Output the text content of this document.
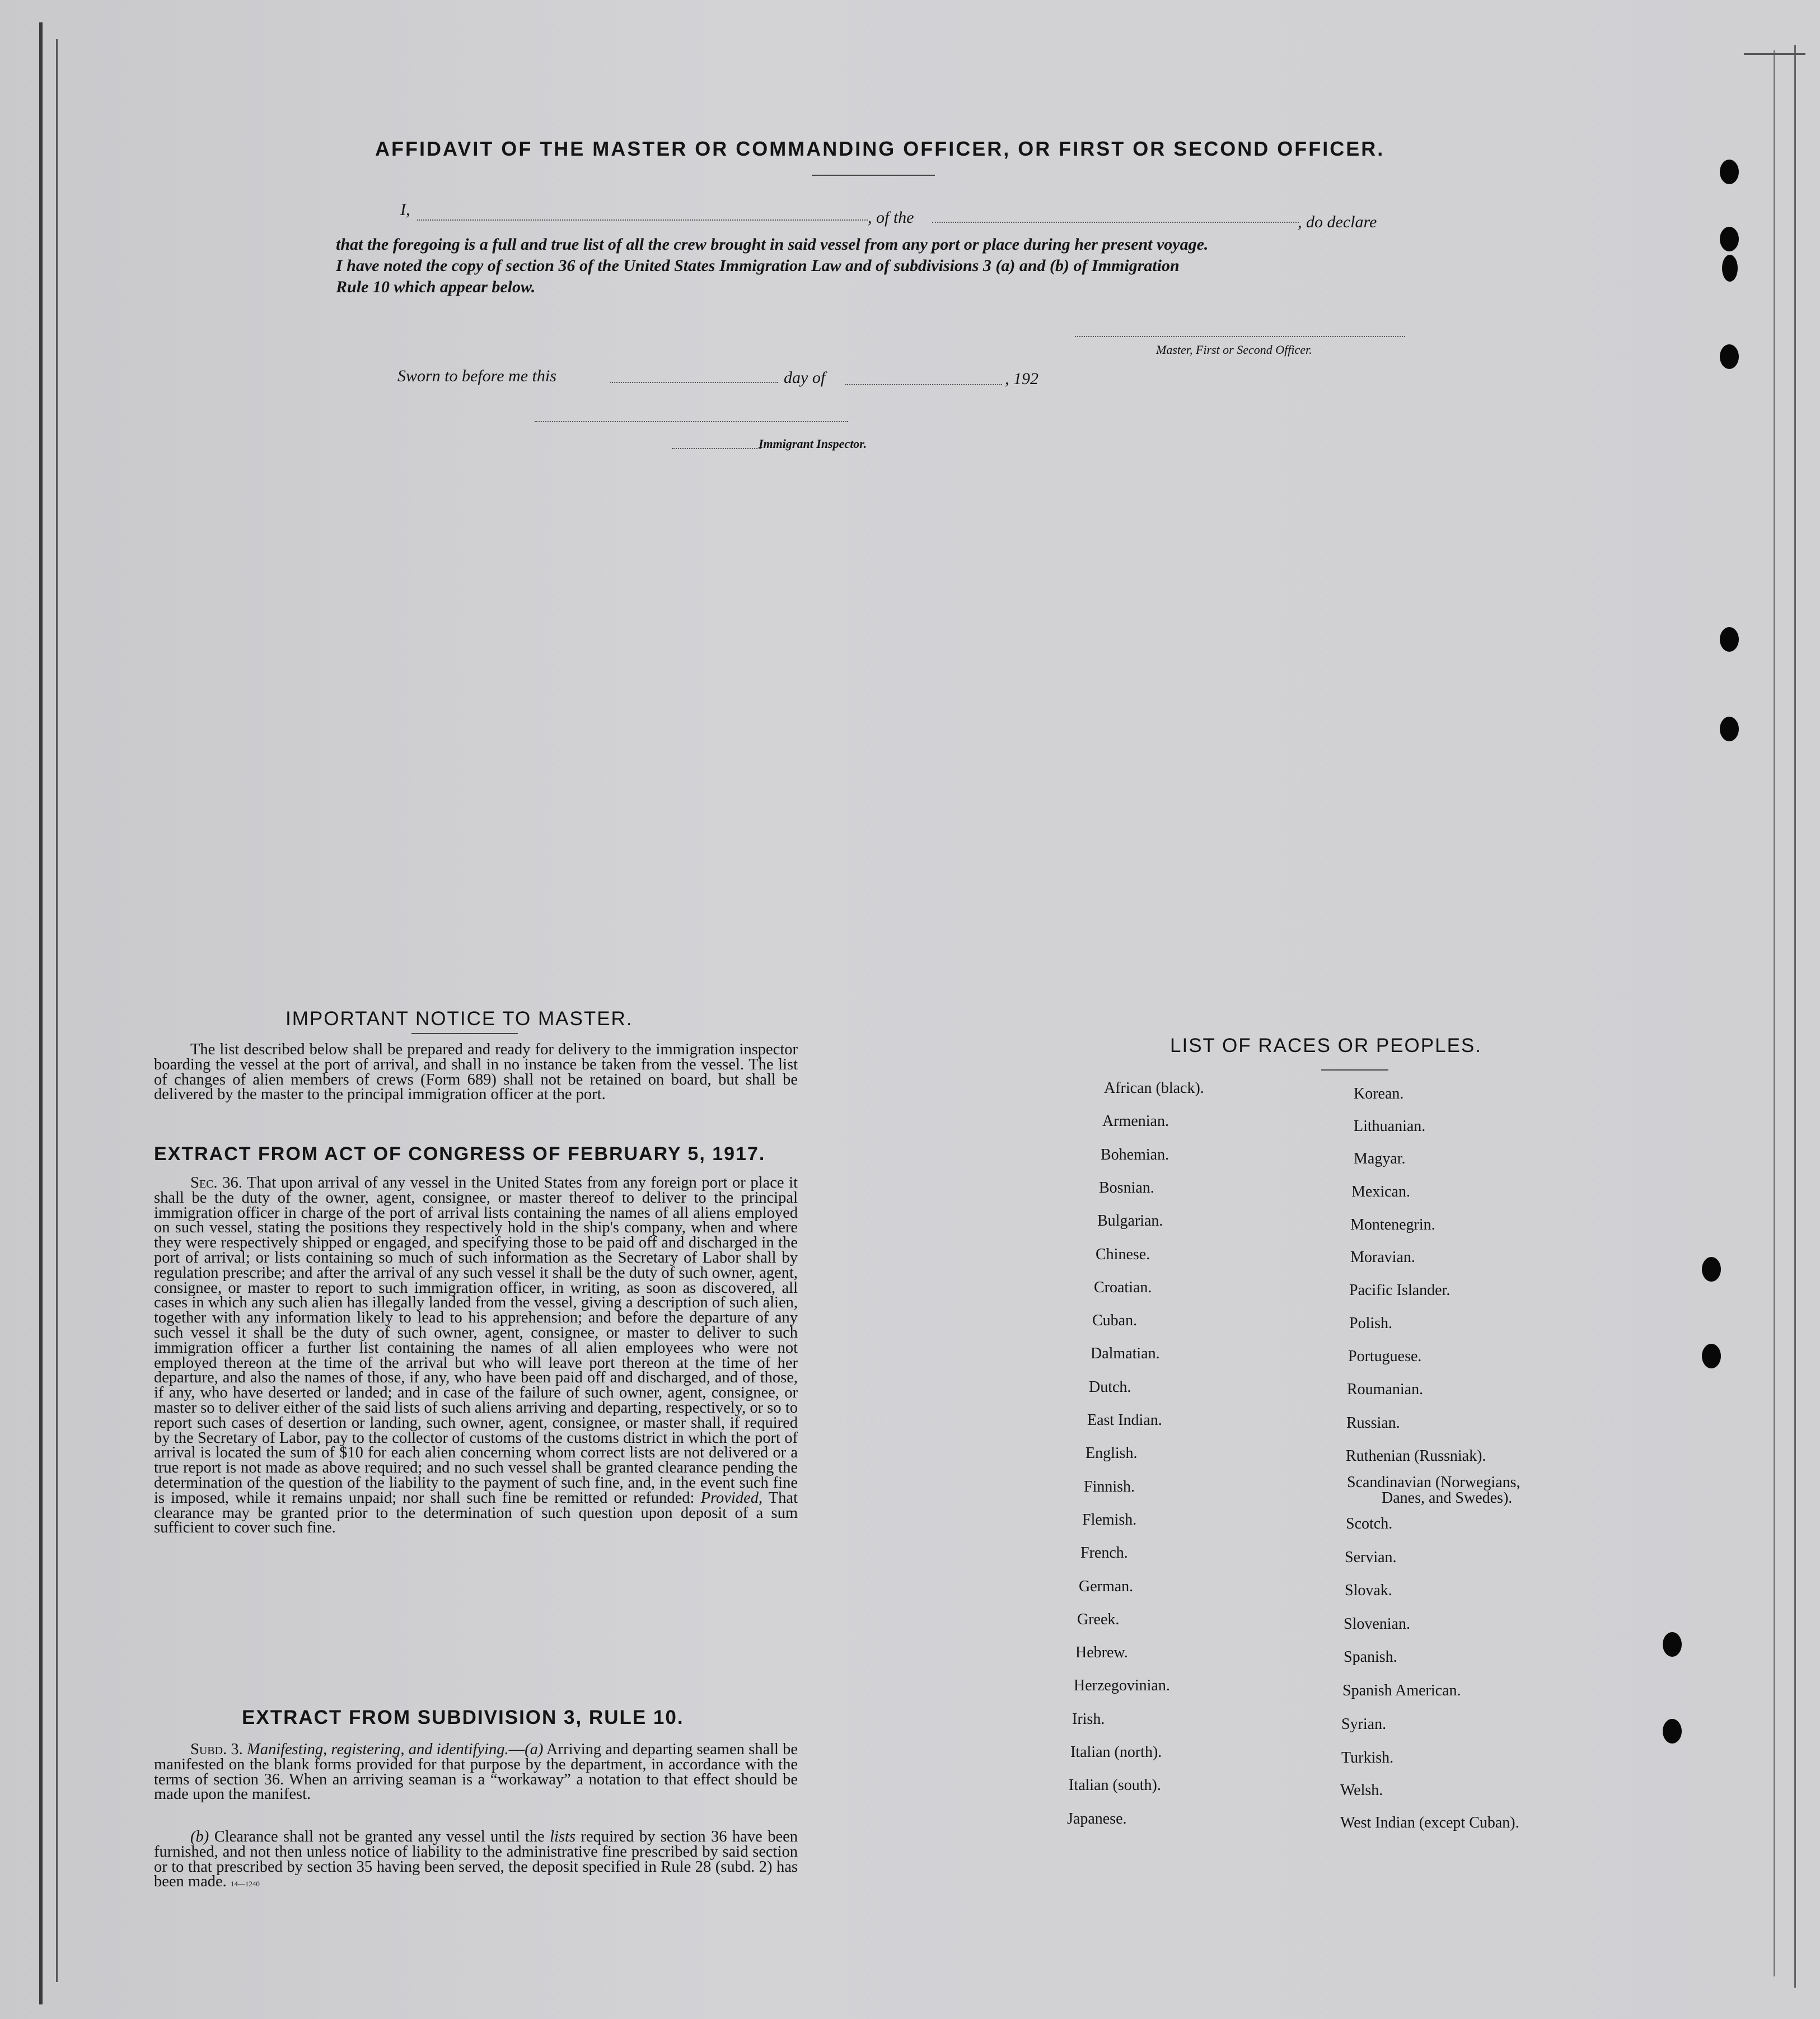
AFFIDAVIT OF THE MASTER OR COMMANDING OFFICER, OR FIRST OR SECOND OFFICER.
I,	, of the	, do declare
that the foregoing is a full and true list of all the crew brought in said vessel from any port or place during her present voyage.
I have noted the copy of section 36 of the United States Immigration Law and of subdivisions 3 (a) and (b) of Immigration
Rule 10 which appear below.
Master, First or Second Officer.
Sworn to before me this	day of	, 192
Immigrant Inspector.
IMPORTANT NOTICE TO MASTER.
The list described below shall be prepared and ready for delivery to the immigration inspector boarding the vessel at the port of arrival, and shall in no instance be taken from the vessel. The list of changes of alien members of crews (Form 689) shall not be retained on board, but shall be delivered by the master to the principal immigration officer at the port.
EXTRACT FROM ACT OF CONGRESS OF FEBRUARY 5, 1917.
Sec. 36. That upon arrival of any vessel in the United States from any foreign port or place it shall be the duty of the owner, agent, consignee, or master thereof to deliver to the principal immigration officer in charge of the port of arrival lists containing the names of all aliens employed on such vessel, stating the positions they respectively hold in the ship's company, when and where they were respectively shipped or engaged, and specifying those to be paid off and discharged in the port of arrival; or lists containing so much of such information as the Secretary of Labor shall by regulation prescribe; and after the arrival of any such vessel it shall be the duty of such owner, agent, consignee, or master to report to such immigration officer, in writing, as soon as discovered, all cases in which any such alien has illegally landed from the vessel, giving a description of such alien, together with any information likely to lead to his apprehension; and before the departure of any such vessel it shall be the duty of such owner, agent, consignee, or master to deliver to such immigration officer a further list containing the names of all alien employees who were not employed thereon at the time of the arrival but who will leave port thereon at the time of her departure, and also the names of those, if any, who have been paid off and discharged, and of those, if any, who have deserted or landed; and in case of the failure of such owner, agent, consignee, or master so to deliver either of the said lists of such aliens arriving and departing, respectively, or so to report such cases of desertion or landing, such owner, agent, consignee, or master shall, if required by the Secretary of Labor, pay to the collector of customs of the customs district in which the port of arrival is located the sum of $10 for each alien concerning whom correct lists are not delivered or a true report is not made as above required; and no such vessel shall be granted clearance pending the determination of the question of the liability to the payment of such fine, and, in the event such fine is imposed, while it remains unpaid; nor shall such fine be remitted or refunded: Provided, That clearance may be granted prior to the determination of such question upon deposit of a sum sufficient to cover such fine.
EXTRACT FROM SUBDIVISION 3, RULE 10.
Subd. 3. Manifesting, registering, and identifying.—(a) Arriving and departing seamen shall be manifested on the blank forms provided for that purpose by the department, in accordance with the terms of section 36. When an arriving seaman is a “workaway” a notation to that effect should be made upon the manifest.
(b) Clearance shall not be granted any vessel until the lists required by section 36 have been furnished, and not then unless notice of liability to the administrative fine prescribed by said section or to that prescribed by section 35 having been served, the deposit specified in Rule 28 (subd. 2) has been made. 14—1240
LIST OF RACES OR PEOPLES.
African (black).
Armenian.
Bohemian.
Bosnian.
Bulgarian.
Chinese.
Croatian.
Cuban.
Dalmatian.
Dutch.
East Indian.
English.
Finnish.
Flemish.
French.
German.
Greek.
Hebrew.
Herzegovinian.
Irish.
Italian (north).
Italian (south).
Japanese.
Korean.
Lithuanian.
Magyar.
Mexican.
Montenegrin.
Moravian.
Pacific Islander.
Polish.
Portuguese.
Roumanian.
Russian.
Ruthenian (Russniak).
Scandinavian (Norwegians,
Danes, and Swedes).
Scotch.
Servian.
Slovak.
Slovenian.
Spanish.
Spanish American.
Syrian.
Turkish.
Welsh.
West Indian (except Cuban).
